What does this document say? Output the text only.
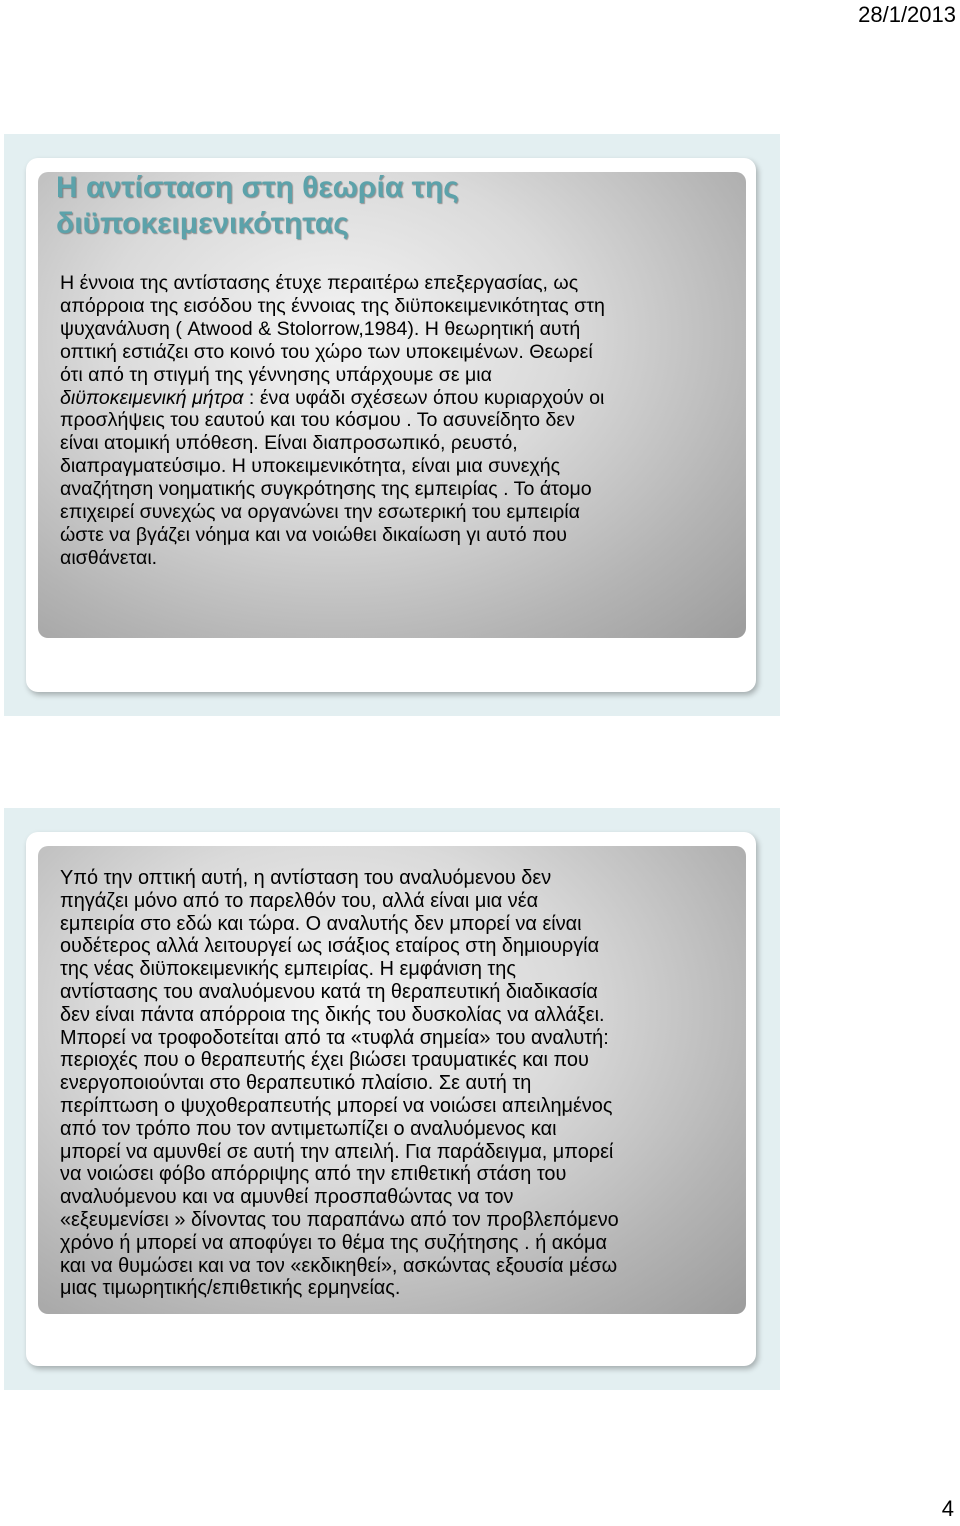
28/1/2013
Η αντίσταση στη θεωρία της διϋποκειμενικότητας

Η έννοια της αντίστασης έτυχε περαιτέρω επεξεργασίας, ως
απόρροια της εισόδου της έννοιας της διϋποκειμενικότητας στη
ψυχανάλυση ( Atwood & Stolorrow,1984). Η θεωρητική αυτή
οπτική εστιάζει στο κοινό του χώρο των υποκειμένων. Θεωρεί
ότι από τη στιγμή της γέννησης υπάρχουμε σε μια
διϋποκειμενική μήτρα : ένα υφάδι σχέσεων όπου κυριαρχούν οι
προσλήψεις του εαυτού και του κόσμου . Το ασυνείδητο δεν
είναι ατομική υπόθεση. Είναι διαπροσωπικό, ρευστό,
διαπραγματεύσιμο. Η υποκειμενικότητα, είναι μια συνεχής
αναζήτηση νοηματικής συγκρότησης της εμπειρίας . Το άτομο
επιχειρεί συνεχώς να οργανώνει την εσωτερική του εμπειρία
ώστε να βγάζει νόημα και να νοιώθει δικαίωση γι αυτό που
αισθάνεται.

Υπό την οπτική αυτή, η αντίσταση του αναλυόμενου δεν
πηγάζει μόνο από το παρελθόν του, αλλά είναι μια νέα
εμπειρία στο εδώ και τώρα. Ο αναλυτής δεν μπορεί να είναι
ουδέτερος αλλά λειτουργεί ως ισάξιος εταίρος στη δημιουργία
της νέας διϋποκειμενικής εμπειρίας. Η εμφάνιση της
αντίστασης του αναλυόμενου κατά τη θεραπευτική διαδικασία
δεν είναι πάντα απόρροια της δικής του δυσκολίας να αλλάξει.
Μπορεί να τροφοδοτείται από τα «τυφλά σημεία» του αναλυτή:
περιοχές που ο θεραπευτής έχει βιώσει τραυματικές και που
ενεργοποιούνται στο θεραπευτικό πλαίσιο. Σε αυτή τη
περίπτωση ο ψυχοθεραπευτής μπορεί να νοιώσει απειλημένος
από τον τρόπο που τον αντιμετωπίζει ο αναλυόμενος και
μπορεί να αμυνθεί σε αυτή την απειλή. Για παράδειγμα, μπορεί
να νοιώσει φόβο απόρριψης από την επιθετική στάση του
αναλυόμενου και να αμυνθεί προσπαθώντας να τον
«εξευμενίσει » δίνοντας του παραπάνω από τον προβλεπόμενο
χρόνο ή μπορεί να αποφύγει το θέμα της συζήτησης . ή ακόμα
και να θυμώσει και να τον «εκδικηθεί», ασκώντας εξουσία μέσω
μιας τιμωρητικής/επιθετικής ερμηνείας.

4
